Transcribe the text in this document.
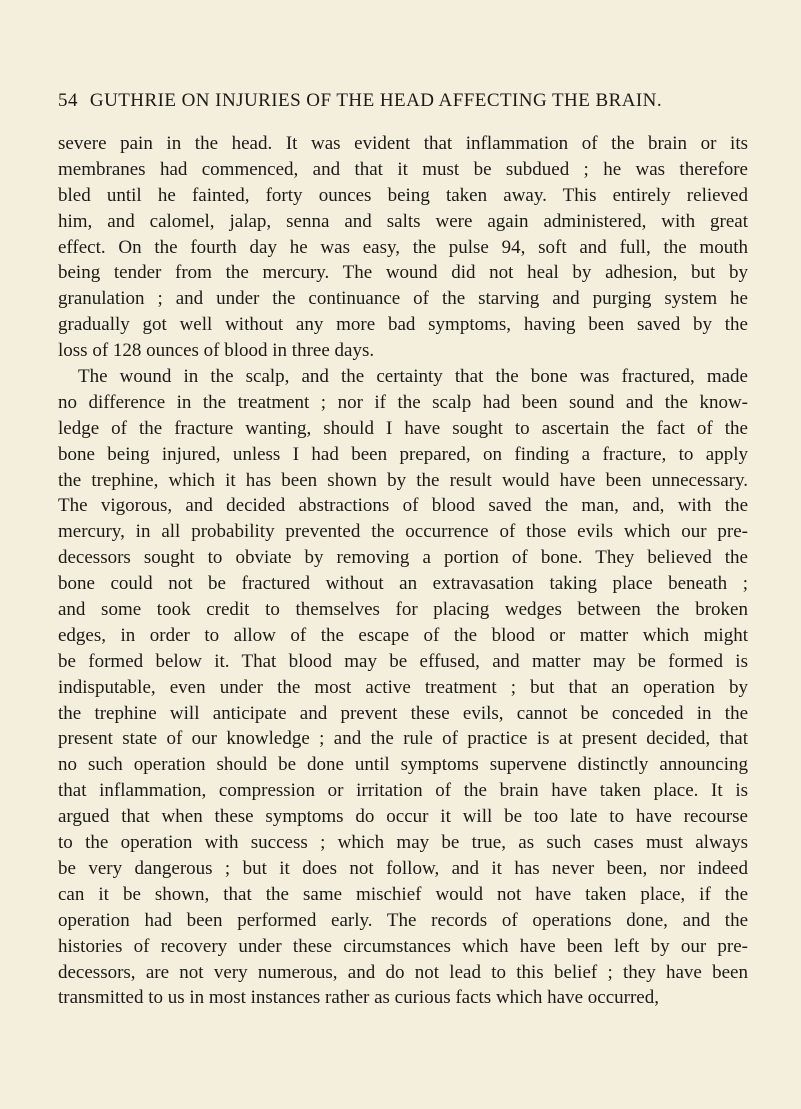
54 GUTHRIE ON INJURIES OF THE HEAD AFFECTING THE BRAIN.
severe pain in the head. It was evident that inflammation of the brain or its
membranes had commenced, and that it must be subdued ; he was therefore
bled until he fainted, forty ounces being taken away. This entirely relieved
him, and calomel, jalap, senna and salts were again administered, with great
effect. On the fourth day he was easy, the pulse 94, soft and full, the mouth
being tender from the mercury. The wound did not heal by adhesion, but by
granulation ; and under the continuance of the starving and purging system he
gradually got well without any more bad symptoms, having been saved by the
loss of 128 ounces of blood in three days.
The wound in the scalp, and the certainty that the bone was fractured, made
no difference in the treatment ; nor if the scalp had been sound and the know-
ledge of the fracture wanting, should I have sought to ascertain the fact of the
bone being injured, unless I had been prepared, on finding a fracture, to apply
the trephine, which it has been shown by the result would have been unnecessary.
The vigorous, and decided abstractions of blood saved the man, and, with the
mercury, in all probability prevented the occurrence of those evils which our pre-
decessors sought to obviate by removing a portion of bone. They believed the
bone could not be fractured without an extravasation taking place beneath ;
and some took credit to themselves for placing wedges between the broken
edges, in order to allow of the escape of the blood or matter which might
be formed below it. That blood may be effused, and matter may be formed is
indisputable, even under the most active treatment ; but that an operation by
the trephine will anticipate and prevent these evils, cannot be conceded in the
present state of our knowledge ; and the rule of practice is at present decided, that
no such operation should be done until symptoms supervene distinctly announcing
that inflammation, compression or irritation of the brain have taken place. It is
argued that when these symptoms do occur it will be too late to have recourse
to the operation with success ; which may be true, as such cases must always
be very dangerous ; but it does not follow, and it has never been, nor indeed
can it be shown, that the same mischief would not have taken place, if the
operation had been performed early. The records of operations done, and the
histories of recovery under these circumstances which have been left by our pre-
decessors, are not very numerous, and do not lead to this belief ; they have been
transmitted to us in most instances rather as curious facts which have occurred,
